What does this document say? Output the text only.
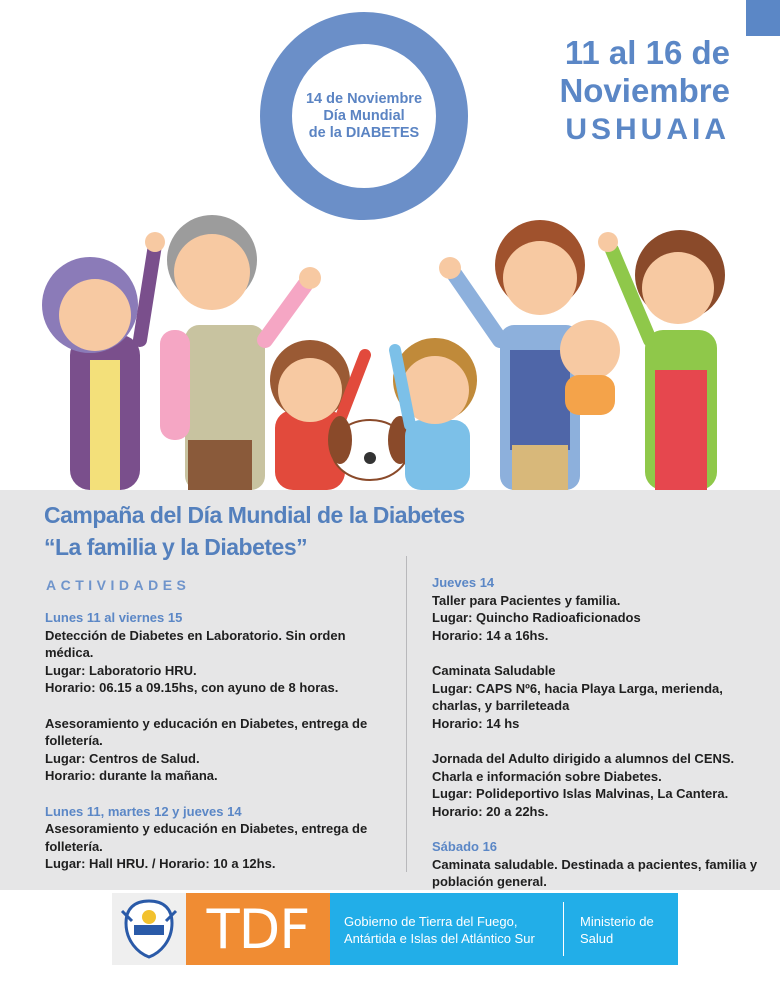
14 de Noviembre
Día Mundial
de la DIABETES
11 al 16 de
Noviembre
USHUAIA
Campaña del Día Mundial de la Diabetes
“La familia y la Diabetes”
ACTIVIDADES
Lunes 11 al viernes 15
Detección de Diabetes en Laboratorio. Sin orden médica.
Lugar: Laboratorio HRU.
Horario: 06.15 a 09.15hs, con ayuno de 8 horas.
Asesoramiento y educación en Diabetes, entrega de folletería.
Lugar: Centros de Salud.
Horario: durante la mañana.
Lunes 11, martes 12 y jueves 14
Asesoramiento y educación en Diabetes, entrega de folletería.
Lugar: Hall HRU. / Horario: 10 a 12hs.
Jueves 14
Taller para Pacientes y familia.
Lugar: Quincho Radioaficionados
Horario: 14 a 16hs.
Caminata Saludable
Lugar: CAPS Nº6, hacia Playa Larga, merienda, charlas, y barrileteada
Horario: 14 hs
Jornada del Adulto dirigido a alumnos del CENS. Charla e información sobre Diabetes.
Lugar: Polideportivo Islas Malvinas, La Cantera.
Horario: 20 a 22hs.
Sábado 16
Caminata saludable. Destinada a pacientes, familia y población general.
TDF	Gobierno de Tierra del Fuego,
Antártida e Islas del Atlántico Sur
Ministerio de
Salud
